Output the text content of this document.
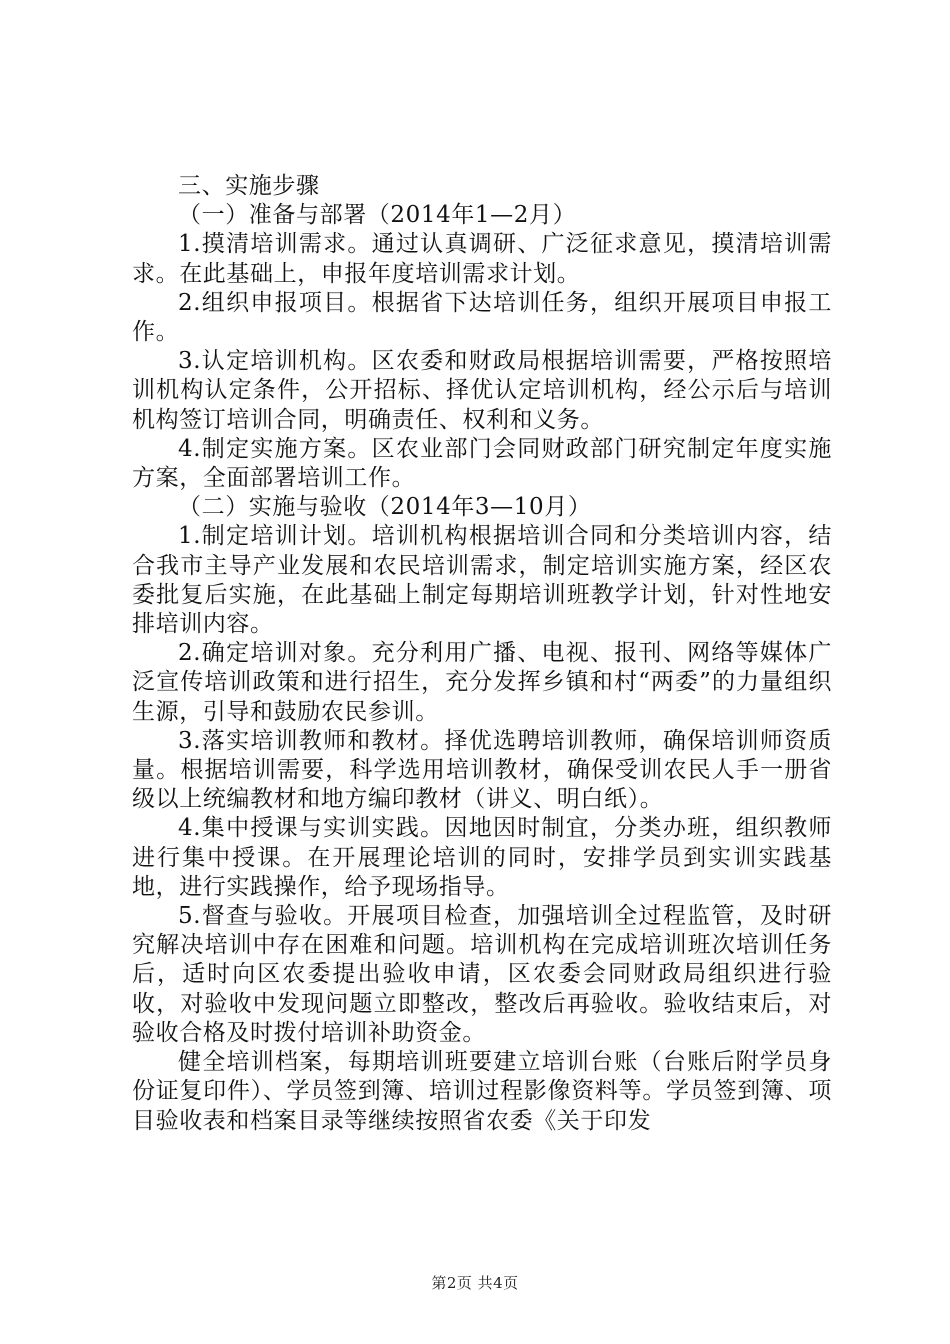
三、实施步骤

（一）准备与部署（2014年1—2月）

1.摸清培训需求。通过认真调研、广泛征求意见，摸清培训需求。在此基础上，申报年度培训需求计划。

2.组织申报项目。根据省下达培训任务，组织开展项目申报工作。

3.认定培训机构。区农委和财政局根据培训需要，严格按照培训机构认定条件，公开招标、择优认定培训机构，经公示后与培训机构签订培训合同，明确责任、权利和义务。

4.制定实施方案。区农业部门会同财政部门研究制定年度实施方案，全面部署培训工作。

（二）实施与验收（2014年3—10月）

1.制定培训计划。培训机构根据培训合同和分类培训内容，结合我市主导产业发展和农民培训需求，制定培训实施方案，经区农委批复后实施，在此基础上制定每期培训班教学计划，针对性地安排培训内容。

2.确定培训对象。充分利用广播、电视、报刊、网络等媒体广泛宣传培训政策和进行招生，充分发挥乡镇和村“两委”的力量组织生源，引导和鼓励农民参训。

3.落实培训教师和教材。择优选聘培训教师，确保培训师资质量。根据培训需要，科学选用培训教材，确保受训农民人手一册省级以上统编教材和地方编印教材（讲义、明白纸）。

4.集中授课与实训实践。因地因时制宜，分类办班，组织教师进行集中授课。在开展理论培训的同时，安排学员到实训实践基地，进行实践操作，给予现场指导。

5.督查与验收。开展项目检查，加强培训全过程监管，及时研究解决培训中存在困难和问题。培训机构在完成培训班次培训任务后，适时向区农委提出验收申请，区农委会同财政局组织进行验收，对验收中发现问题立即整改，整改后再验收。验收结束后，对验收合格及时拨付培训补助资金。

健全培训档案，每期培训班要建立培训台账（台账后附学员身份证复印件）、学员签到簿、培训过程影像资料等。学员签到簿、项目验收表和档案目录等继续按照省农委《关于印发

第2页 共4页
